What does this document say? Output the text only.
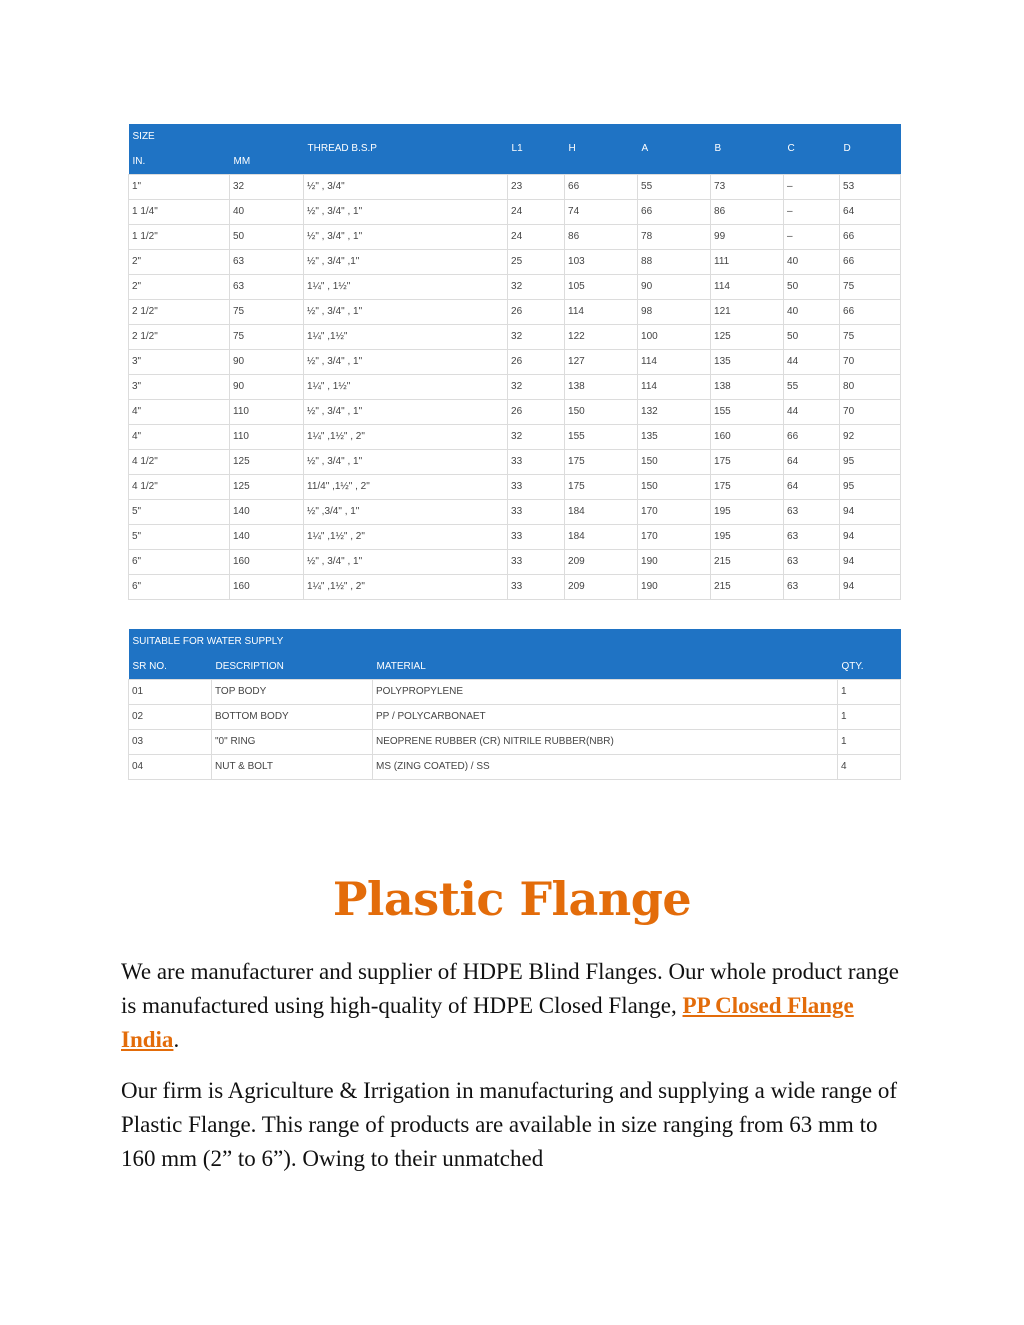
SIZE		THREAD B.S.P	L1	H	A	B	C	D
IN.	MM							
1"	32	½" , 3/4"	23	66	55	73	–	53
1 1/4"	40	½" , 3/4" , 1"	24	74	66	86	–	64
1 1/2"	50	½" , 3/4" , 1"	24	86	78	99	–	66
2"	63	½" , 3/4" ,1"	25	103	88	111	40	66
2"	63	1¼" , 1½"	32	105	90	114	50	75
2 1/2"	75	½" , 3/4" , 1"	26	114	98	121	40	66
2 1/2"	75	1¼" ,1½"	32	122	100	125	50	75
3"	90	½" , 3/4" , 1"	26	127	114	135	44	70
3"	90	1¼" , 1½"	32	138	114	138	55	80
4"	110	½" , 3/4" , 1"	26	150	132	155	44	70
4"	110	1¼" ,1½" , 2"	32	155	135	160	66	92
4 1/2"	125	½" , 3/4" , 1"	33	175	150	175	64	95
4 1/2"	125	11/4" ,1½" , 2"	33	175	150	175	64	95
5"	140	½" ,3/4" , 1"	33	184	170	195	63	94
5"	140	1¼" ,1½" , 2"	33	184	170	195	63	94
6"	160	½" , 3/4" , 1"	33	209	190	215	63	94
6"	160	1¼" ,1½" , 2"	33	209	190	215	63	94
SUITABLE FOR WATER SUPPLY			
SR NO.	DESCRIPTION	MATERIAL	QTY.
01	TOP BODY	POLYPROPYLENE	1
02	BOTTOM BODY	PP / POLYCARBONAET	1
03	"0" RING	NEOPRENE RUBBER (CR) NITRILE RUBBER(NBR)	1
04	NUT & BOLT	MS (ZING COATED) / SS	4
Plastic Flange

We are manufacturer and supplier of HDPE Blind Flanges. Our whole product range is manufactured using high-quality of HDPE Closed Flange, PP Closed Flange India.

Our firm is Agriculture & Irrigation in manufacturing and supplying a wide range of Plastic Flange. This range of products are available in size ranging from 63 mm to 160 mm (2” to 6”). Owing to their unmatched
